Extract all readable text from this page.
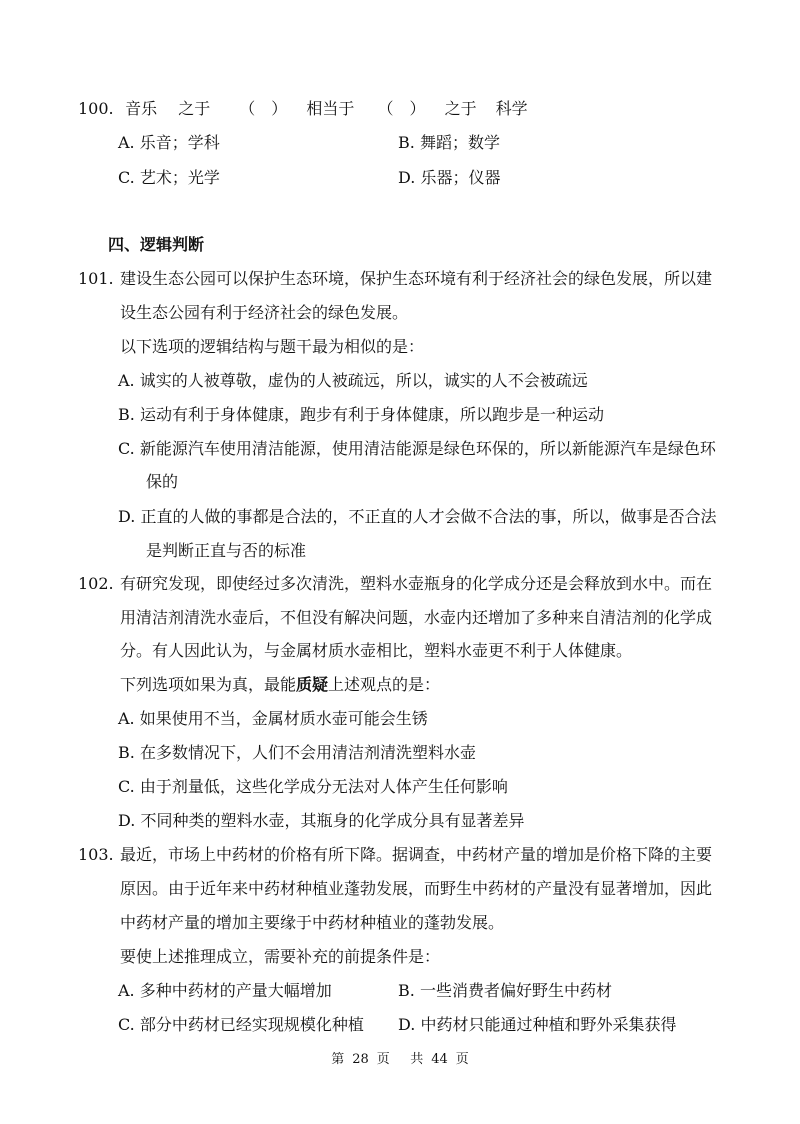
100. 音乐 之于 （　） 相当于 （　） 之于 科学
A. 乐音；学科	B. 舞蹈；数学
C. 艺术；光学	D. 乐器；仪器
四、逻辑判断
101. 建设生态公园可以保护生态环境，保护生态环境有利于经济社会的绿色发展，所以建
设生态公园有利于经济社会的绿色发展。
以下选项的逻辑结构与题干最为相似的是：
A. 诚实的人被尊敬，虚伪的人被疏远，所以，诚实的人不会被疏远
B. 运动有利于身体健康，跑步有利于身体健康，所以跑步是一种运动
C. 新能源汽车使用清洁能源，使用清洁能源是绿色环保的，所以新能源汽车是绿色环
保的
D. 正直的人做的事都是合法的，不正直的人才会做不合法的事，所以，做事是否合法
是判断正直与否的标准
102. 有研究发现，即使经过多次清洗，塑料水壶瓶身的化学成分还是会释放到水中。而在
用清洁剂清洗水壶后，不但没有解决问题，水壶内还增加了多种来自清洁剂的化学成
分。有人因此认为，与金属材质水壶相比，塑料水壶更不利于人体健康。
下列选项如果为真，最能质疑上述观点的是：
A. 如果使用不当，金属材质水壶可能会生锈
B. 在多数情况下，人们不会用清洁剂清洗塑料水壶
C. 由于剂量低，这些化学成分无法对人体产生任何影响
D. 不同种类的塑料水壶，其瓶身的化学成分具有显著差异
103. 最近，市场上中药材的价格有所下降。据调查，中药材产量的增加是价格下降的主要
原因。由于近年来中药材种植业蓬勃发展，而野生中药材的产量没有显著增加，因此
中药材产量的增加主要缘于中药材种植业的蓬勃发展。
要使上述推理成立，需要补充的前提条件是：
A. 多种中药材的产量大幅增加	B. 一些消费者偏好野生中药材
C. 部分中药材已经实现规模化种植 D. 中药材只能通过种植和野外采集获得
第 28 页 共 44 页
